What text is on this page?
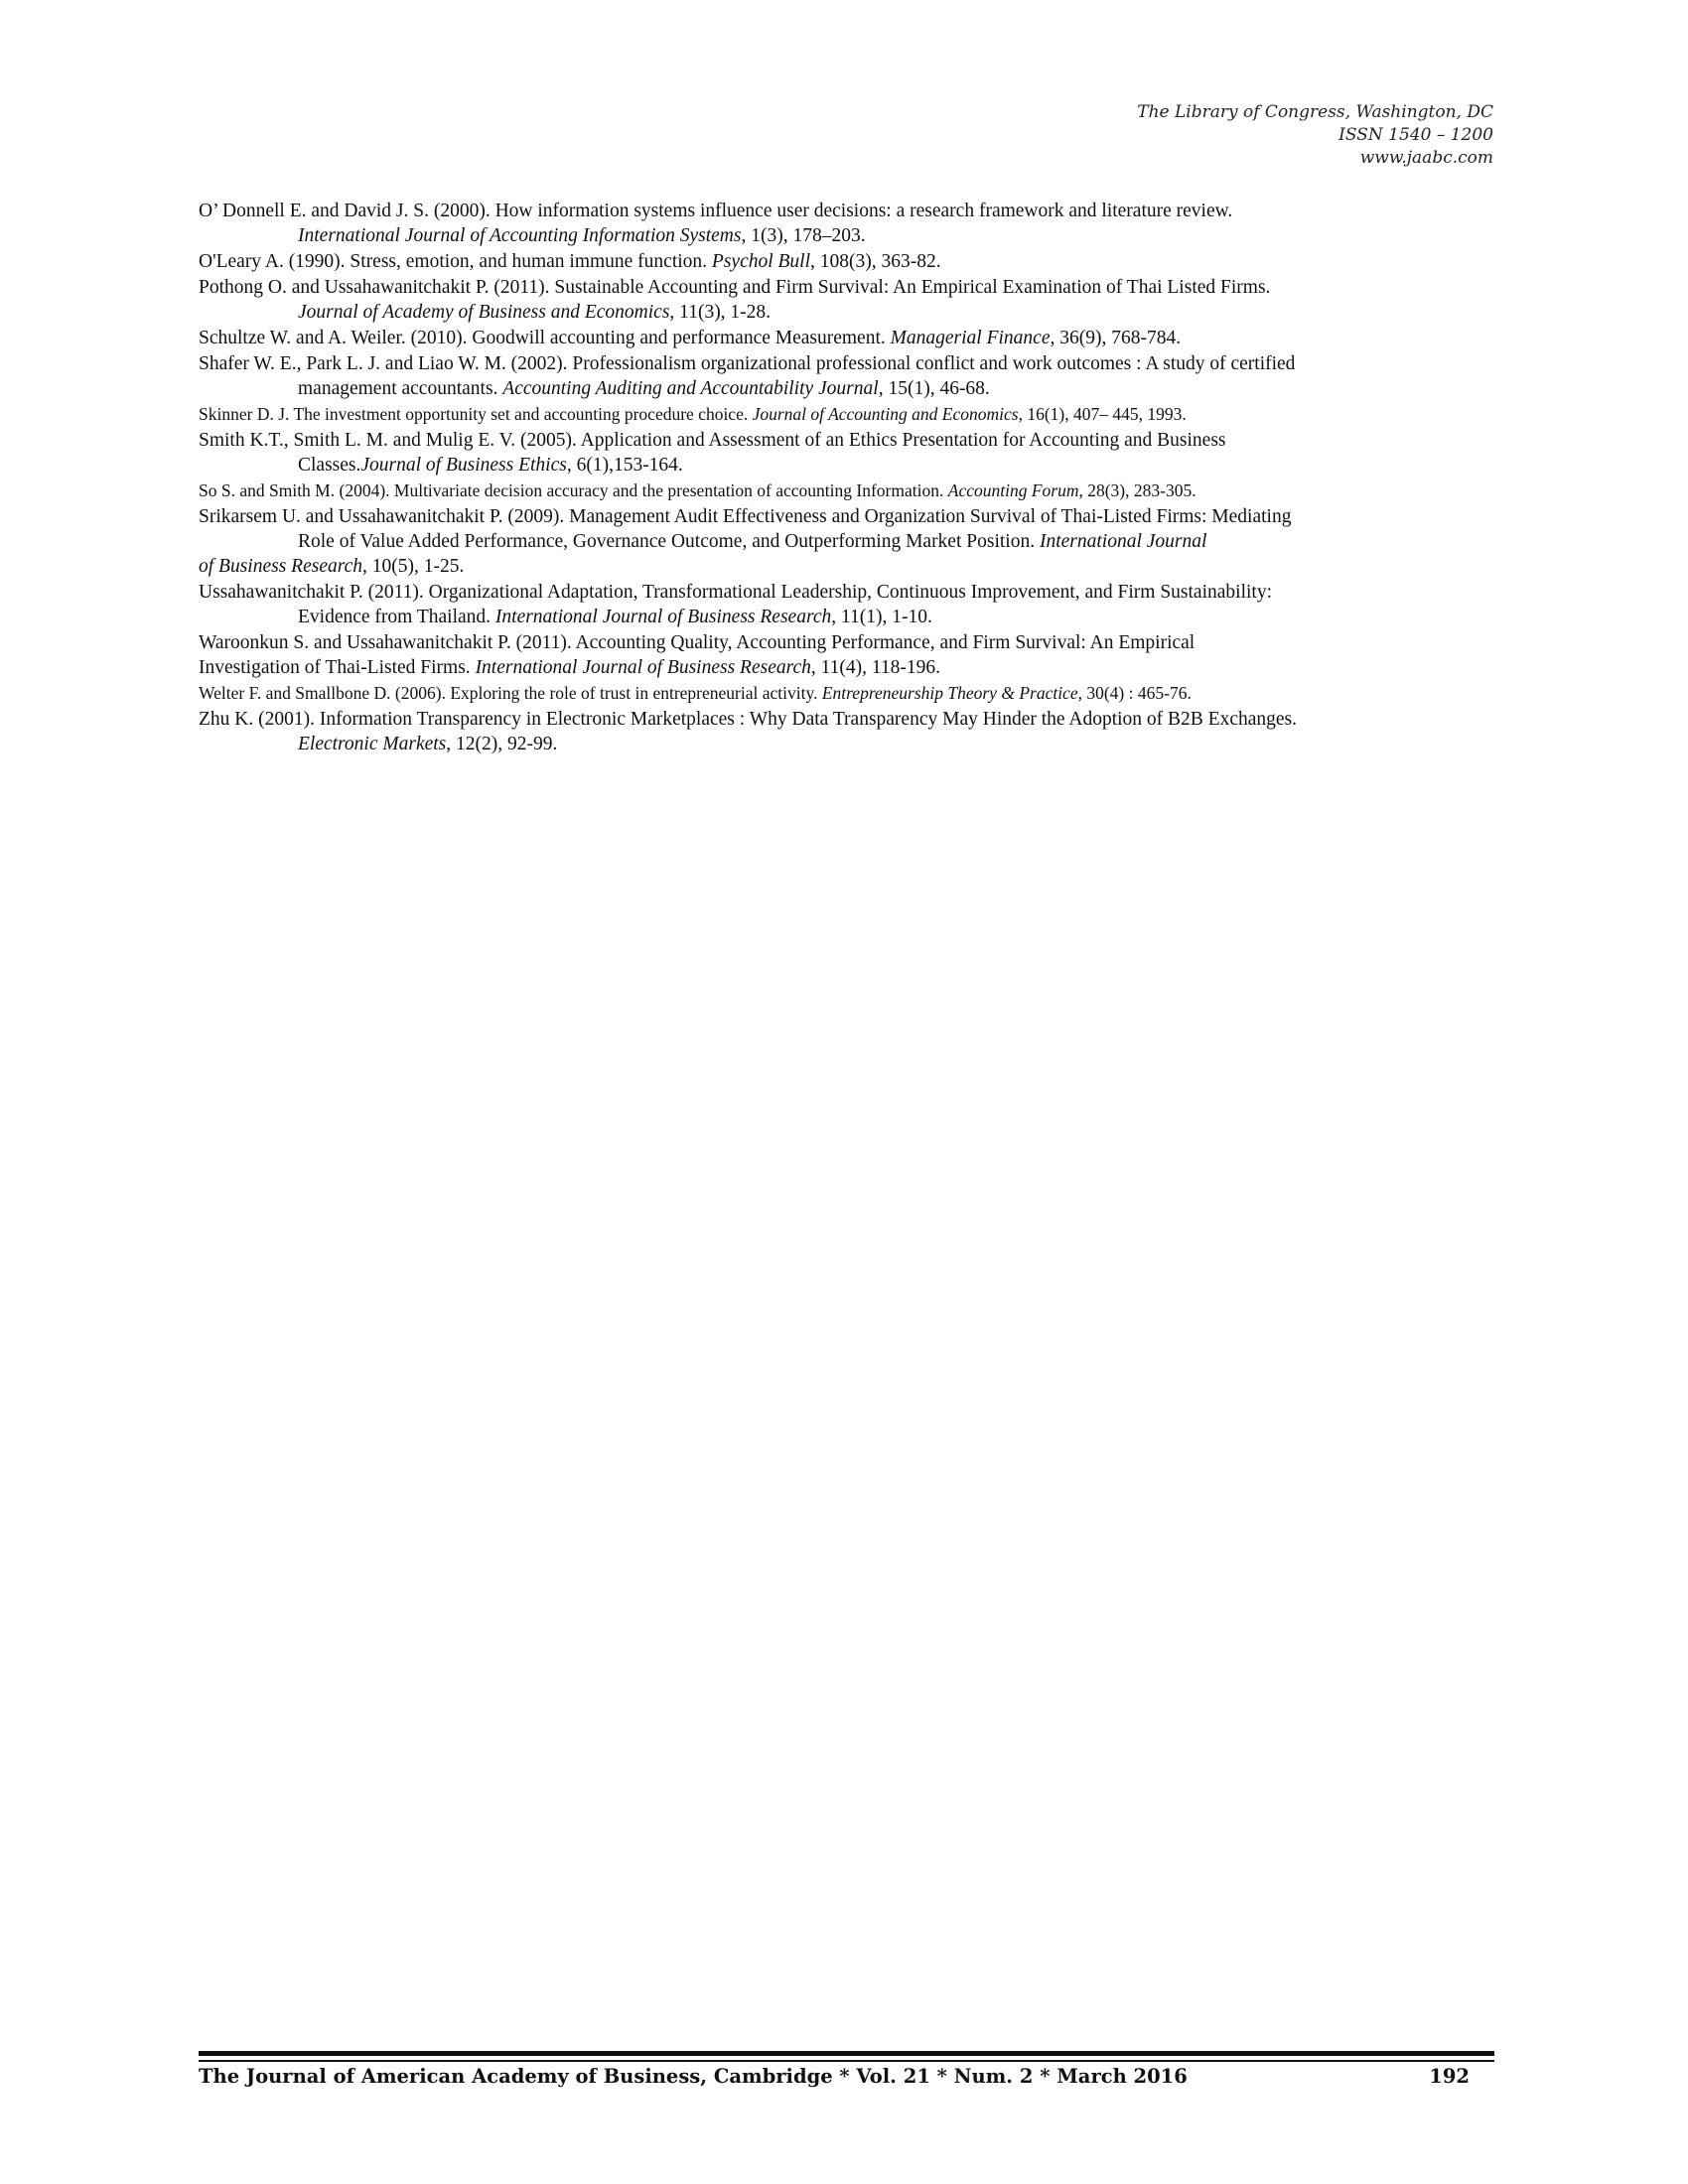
The Library of Congress, Washington, DC
ISSN 1540 – 1200
www.jaabc.com
O’ Donnell E. and David J. S. (2000). How information systems influence user decisions: a research framework and literature review.
International Journal of Accounting Information Systems, 1(3), 178–203.
O'Leary A. (1990). Stress, emotion, and human immune function. Psychol Bull, 108(3), 363-82.
Pothong O. and Ussahawanitchakit P. (2011). Sustainable Accounting and Firm Survival: An Empirical Examination of Thai Listed Firms.
Journal of Academy of Business and Economics, 11(3), 1-28.
Schultze W. and A. Weiler. (2010). Goodwill accounting and performance Measurement. Managerial Finance, 36(9), 768-784.
Shafer W. E., Park L. J. and Liao W. M. (2002). Professionalism organizational professional conflict and work outcomes : A study of certified
management accountants. Accounting Auditing and Accountability Journal, 15(1), 46-68.
Skinner D. J. The investment opportunity set and accounting procedure choice. Journal of Accounting and Economics, 16(1), 407– 445, 1993.
Smith K.T., Smith L. M. and Mulig E. V. (2005). Application and Assessment of an Ethics Presentation for Accounting and Business
Classes.Journal of Business Ethics, 6(1),153-164.
So S. and Smith M. (2004). Multivariate decision accuracy and the presentation of accounting Information. Accounting Forum, 28(3), 283-305.
Srikarsem U. and Ussahawanitchakit P. (2009). Management Audit Effectiveness and Organization Survival of Thai-Listed Firms: Mediating
Role of Value Added Performance, Governance Outcome, and Outperforming Market Position. International Journal
of Business Research, 10(5), 1-25.
Ussahawanitchakit P. (2011). Organizational Adaptation, Transformational Leadership, Continuous Improvement, and Firm Sustainability:
Evidence from Thailand. International Journal of Business Research, 11(1), 1-10.
Waroonkun S. and Ussahawanitchakit P. (2011). Accounting Quality, Accounting Performance, and Firm Survival: An Empirical
Investigation of Thai-Listed Firms. International Journal of Business Research, 11(4), 118-196.
Welter F. and Smallbone D. (2006). Exploring the role of trust in entrepreneurial activity. Entrepreneurship Theory & Practice, 30(4) : 465-76.
Zhu K. (2001). Information Transparency in Electronic Marketplaces : Why Data Transparency May Hinder the Adoption of B2B Exchanges.
Electronic Markets, 12(2), 92-99.
The Journal of American Academy of Business, Cambridge * Vol. 21 * Num. 2 * March 2016	192
